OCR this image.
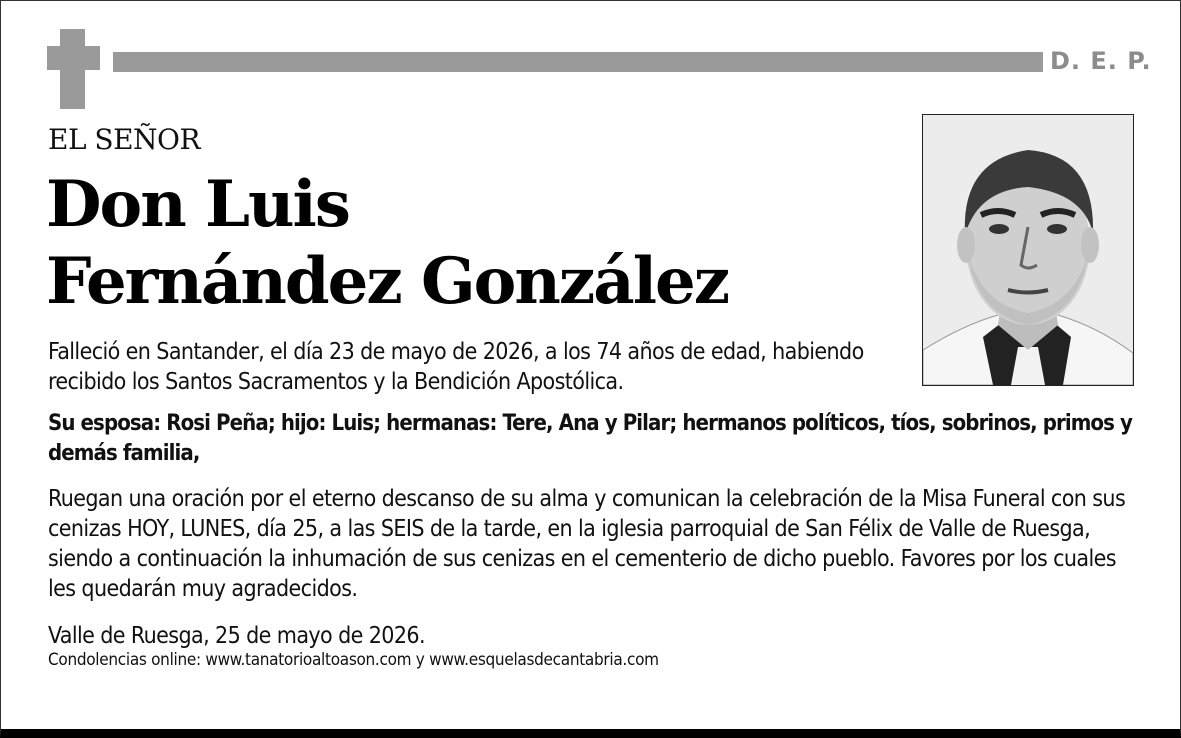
D. E. P.
EL SEÑOR
Don Luis
Fernández González

Falleció en Santander, el día 23 de mayo de 2026, a los 74 años de edad, habiendo recibido los Santos Sacramentos y la Bendición Apostólica.

Su esposa: Rosi Peña; hijo: Luis; hermanas: Tere, Ana y Pilar; hermanos políticos, tíos, sobrinos, primos y demás familia,

Ruegan una oración por el eterno descanso de su alma y comunican la celebración de la Misa Funeral con sus cenizas HOY, LUNES, día 25, a las SEIS de la tarde, en la iglesia parroquial de San Félix de Valle de Ruesga, siendo a continuación la inhumación de sus cenizas en el cementerio de dicho pueblo. Favores por los cuales les quedarán muy agradecidos.

Valle de Ruesga, 25 de mayo de 2026.

Condolencias online: www.tanatorioaltoason.com y www.esquelasdecantabria.com
